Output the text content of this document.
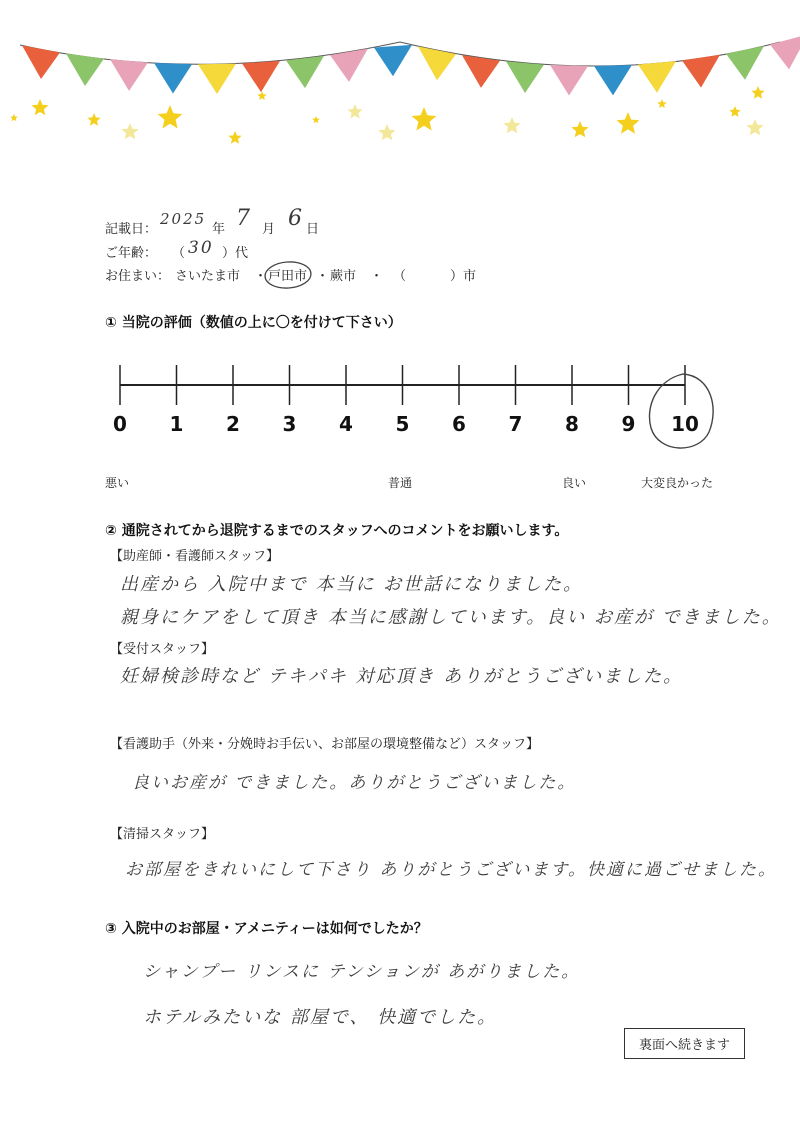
記載日：
2025
年 7 月 6 日
ご年齢： （ 30 ）代
お住まい： さいたま市 ・ 戸田市 ・ 蕨市 ・ （	）市
① 当院の評価（数値の上に〇を付けて下さい）
0	1	2	3	4	5	6	7	8	9	10
悪い	普通	良い	大変良かった
② 通院されてから退院するまでのスタッフへのコメントをお願いします。
【助産師・看護師スタッフ】
出産から 入院中まで 本当に お世話になりました。
親身にケアをして頂き 本当に感謝しています。良い お産が できました。
【受付スタッフ】
妊婦検診時など テキパキ 対応頂き ありがとうございました。
【看護助手（外来・分娩時お手伝い、お部屋の環境整備など）スタッフ】
良いお産が できました。ありがとうございました。
【清掃スタッフ】
お部屋をきれいにして下さり ありがとうございます。快適に過ごせました。
③ 入院中のお部屋・アメニティーは如何でしたか？
シャンプー リンスに テンションが あがりました。
ホテルみたいな 部屋で、 快適でした。
裏面へ続きます
